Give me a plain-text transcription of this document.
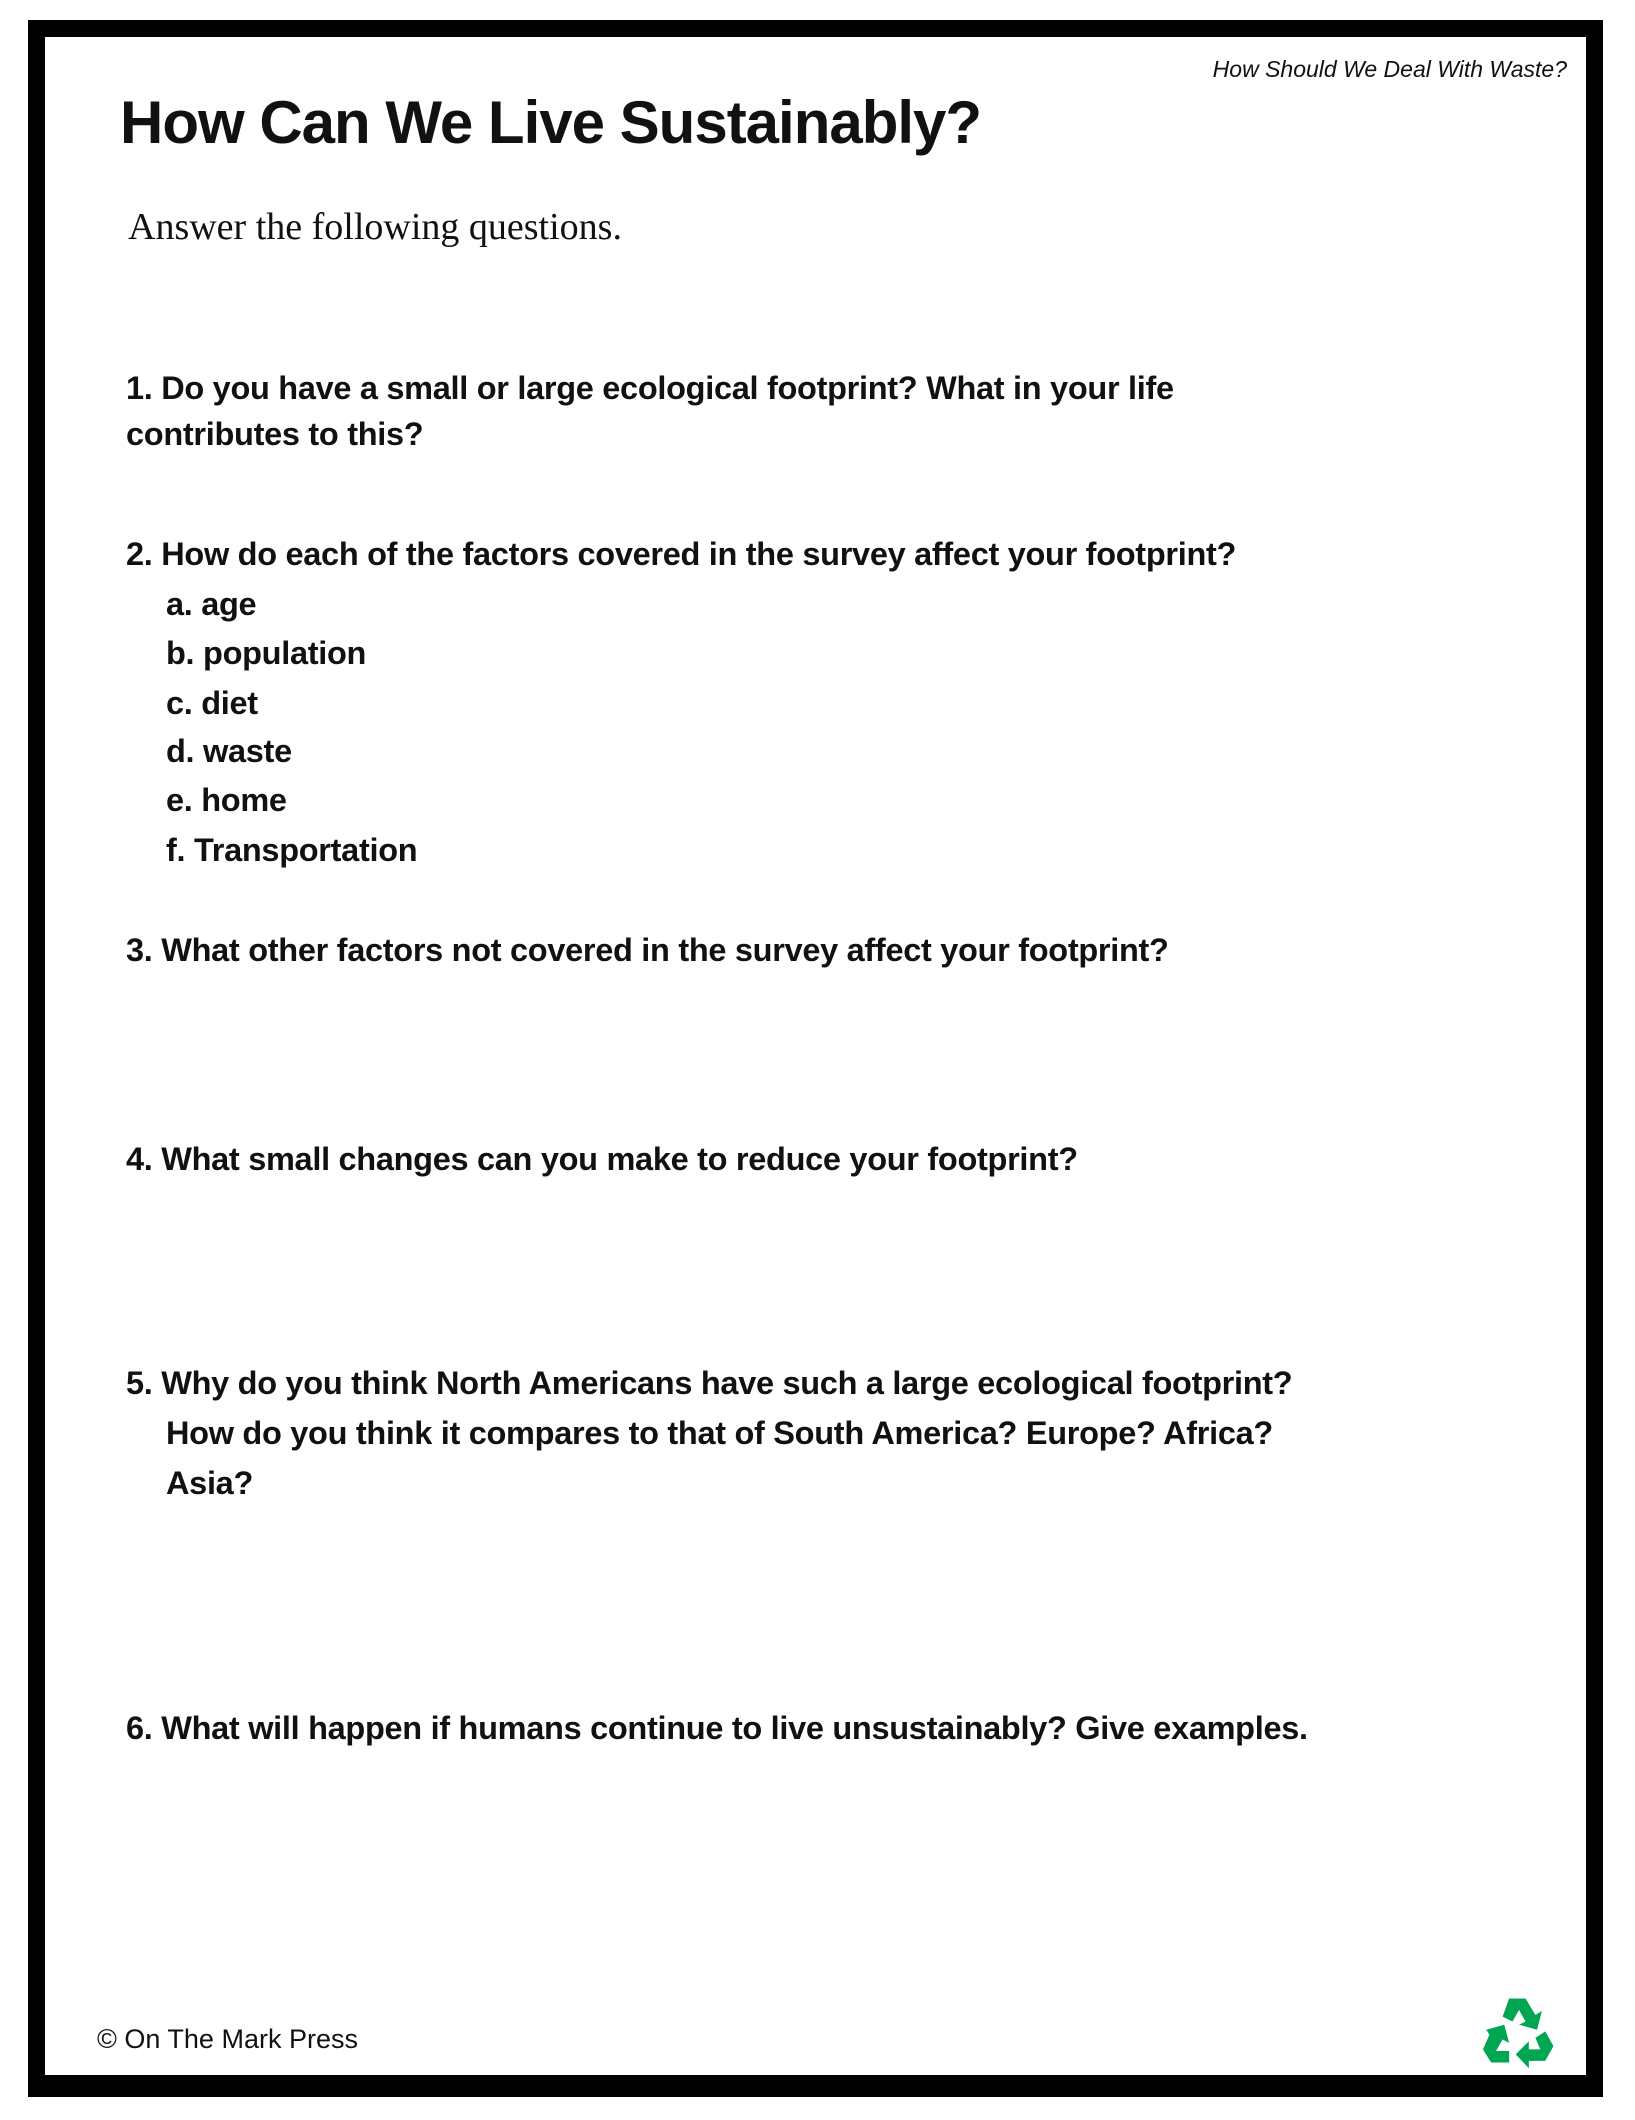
How Should We Deal With Waste?
How Can We Live Sustainably?
Answer the following questions.
1. Do you have a small or large ecological footprint? What in your life
contributes to this?
2. How do each of the factors covered in the survey affect your footprint?
a. age
b. population
c. diet
d. waste
e. home
f. Transportation
3. What other factors not covered in the survey affect your footprint?
4. What small changes can you make to reduce your footprint?
5. Why do you think North Americans have such a large ecological footprint?
How do you think it compares to that of South America? Europe? Africa?
Asia?
6. What will happen if humans continue to live unsustainably? Give examples.
© On The Mark Press
